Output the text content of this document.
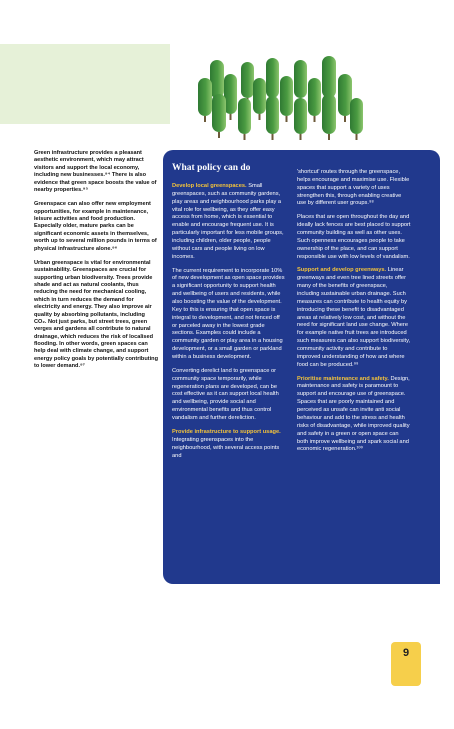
Green infrastructure provides a pleasant aesthetic environment, which may attract visitors and support the local economy, including new businesses.⁹⁴ There is also evidence that green space boosts the value of nearby properties.⁹⁵

Greenspace can also offer new employment opportunities, for example in maintenance, leisure activities and food production. Especially older, mature parks can be significant economic assets in themselves, worth up to several million pounds in terms of physical infrastructure alone.⁹⁶

Urban greenspace is vital for environmental sustainability. Greenspaces are crucial for supporting urban biodiversity. Trees provide shade and act as natural coolants, thus reducing the need for mechanical cooling, which in turn reduces the demand for electricity and energy. They also improve air quality by absorbing pollutants, including CO₂. Not just parks, but street trees, green verges and gardens all contribute to natural drainage, which reduces the risk of localised flooding. In other words, green spaces can help deal with climate change, and support energy policy goals by potentially contributing to lower demand.⁹⁷

What policy can do

Develop local greenspaces. Small greenspaces, such as community gardens, play areas and neighbourhood parks play a vital role for wellbeing, as they offer easy access from home, which is essential to enable and encourage frequent use. It is particularly important for less mobile groups, including children, older people, people without cars and people living on low incomes.

The current requirement to incorporate 10% of new development as open space provides a significant opportunity to support health and wellbeing of users and residents, while also boosting the value of the development. Key to this is ensuring that open space is integral to development, and not fenced off or parceled away in the lowest grade sections. Examples could include a community garden or play area in a housing development, or a small garden or parkland within a business development.

Converting derelict land to greenspace or community space temporarily, while regeneration plans are developed, can be cost effective as it can support local health and wellbeing, provide social and environmental benefits and thus control vandalism and further dereliction.

Provide infrastructure to support usage. Integrating greenspaces into the neighbourhood, with several access points and

'shortcut' routes through the greenspace, helps encourage and maximise use. Flexible spaces that support a variety of uses strengthen this, through enabling creative use by different user groups.⁹⁸

Places that are open throughout the day and ideally lack fences are best placed to support community building as well as other uses. Such openness encourages people to take ownership of the place, and can support responsible use with low levels of vandalism.

Support and develop greenways. Linear greenways and even tree lined streets offer many of the benefits of greenspace, including sustainable urban drainage. Such measures can contribute to health equity by introducing these benefit to disadvantaged areas at relatively low cost, and without the need for significant land use change. Where for example native fruit trees are introduced such measures can also support biodiversity, community activity and contribute to improved understanding of how and where food can be produced.⁹⁹

Prioritise maintenance and safety. Design, maintenance and safety is paramount to support and encourage use of greenspace. Spaces that are poorly maintained and perceived as unsafe can invite anti social behaviour and add to the stress and health risks of disadvantage, while improved quality and safety in a green or open space can both improve wellbeing and spark social and economic regeneration.¹⁰⁰

9
